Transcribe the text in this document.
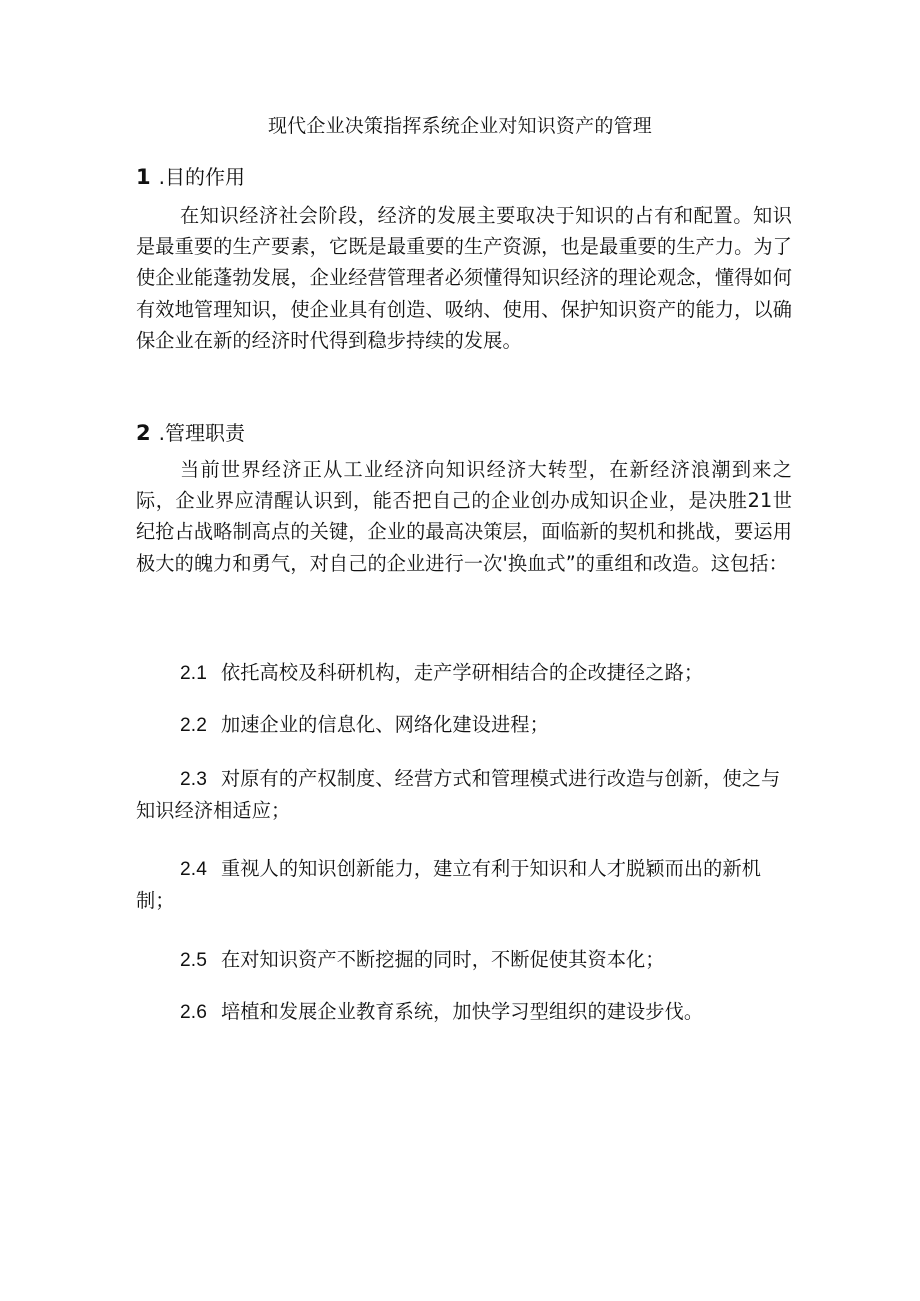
现代企业决策指挥系统企业对知识资产的管理
1 .目的作用
在知识经济社会阶段，经济的发展主要取决于知识的占有和配置。知识是最重要的生产要素，它既是最重要的生产资源，也是最重要的生产力。为了使企业能蓬勃发展，企业经营管理者必须懂得知识经济的理论观念，懂得如何有效地管理知识，使企业具有创造、吸纳、使用、保护知识资产的能力，以确保企业在新的经济时代得到稳步持续的发展。
2 .管理职责
当前世界经济正从工业经济向知识经济大转型，在新经济浪潮到来之际，企业界应清醒认识到，能否把自己的企业创办成知识企业，是决胜21世纪抢占战略制高点的关键，企业的最高决策层，面临新的契机和挑战，要运用极大的魄力和勇气，对自己的企业进行一次'换血式”的重组和改造。这包括：
2.1 依托高校及科研机构，走产学研相结合的企改捷径之路；
2.2 加速企业的信息化、网络化建设进程；
2.3 对原有的产权制度、经营方式和管理模式进行改造与创新，使之与知识经济相适应；
2.4 重视人的知识创新能力，建立有利于知识和人才脱颖而出的新机制；
2.5 在对知识资产不断挖掘的同时，不断促使其资本化；
2.6 培植和发展企业教育系统，加快学习型组织的建设步伐。
